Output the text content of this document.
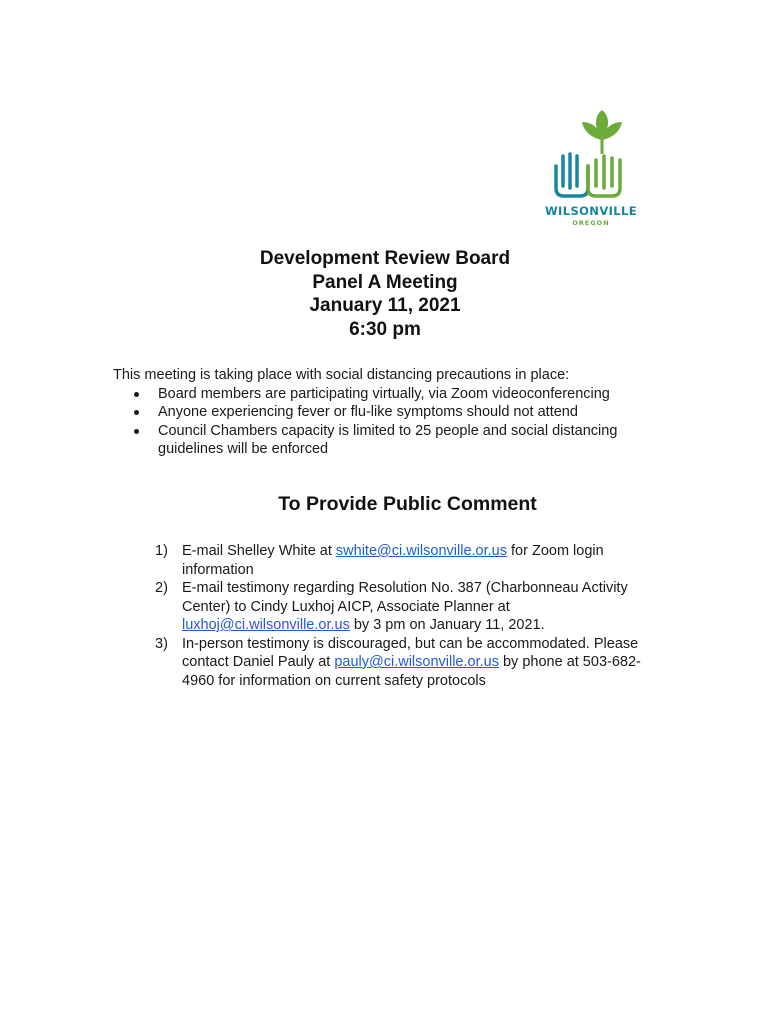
WILSONVILLE
OREGON
Development Review Board
Panel A Meeting
January 11, 2021
6:30 pm
This meeting is taking place with social distancing precautions in place:
Board members are participating virtually, via Zoom videoconferencing
Anyone experiencing fever or flu-like symptoms should not attend
Council Chambers capacity is limited to 25 people and social distancing guidelines will be enforced
To Provide Public Comment
1) E-mail Shelley White at swhite@ci.wilsonville.or.us for Zoom login information
2) E-mail testimony regarding Resolution No. 387 (Charbonneau Activity Center) to Cindy Luxhoj AICP, Associate Planner at luxhoj@ci.wilsonville.or.us by 3 pm on January 11, 2021.
3) In-person testimony is discouraged, but can be accommodated. Please contact Daniel Pauly at pauly@ci.wilsonville.or.us by phone at 503-682-4960 for information on current safety protocols
